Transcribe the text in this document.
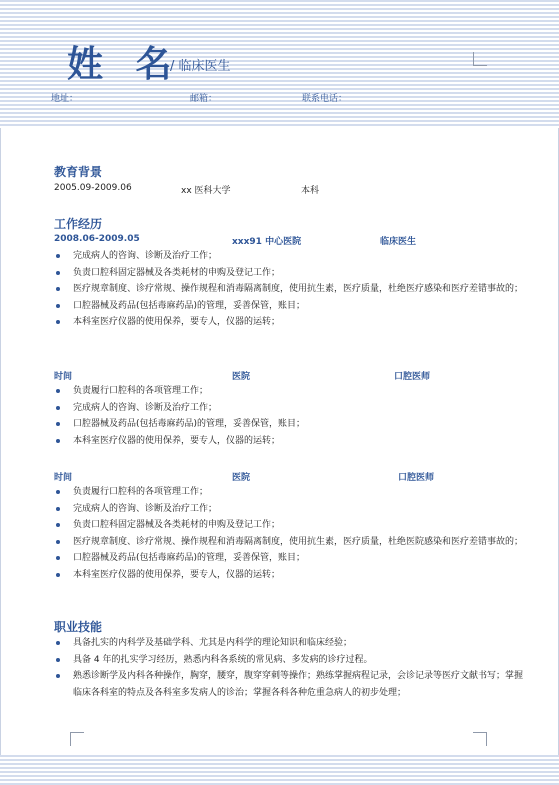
姓 名
/ 临床医生
地址：	邮箱：	联系电话：
教育背景
2005.09-2009.06	xx 医科大学	本科
工作经历
2008.06-2009.05	xxx91 中心医院	临床医生
完成病人的咨询、诊断及治疗工作；
负责口腔科固定器械及各类耗材的申购及登记工作；
医疗规章制度、诊疗常规、操作规程和消毒隔离制度，使用抗生素，医疗质量，杜绝医疗感染和医疗差错事故的；
口腔器械及药品(包括毒麻药品)的管理，妥善保管，账目；
本科室医疗仪器的使用保养，要专人，仪器的运转；
时间	医院	口腔医师
负责履行口腔科的各项管理工作；
完成病人的咨询、诊断及治疗工作；
口腔器械及药品(包括毒麻药品)的管理，妥善保管，账目；
本科室医疗仪器的使用保养，要专人，仪器的运转；
时间	医院	口腔医师
负责履行口腔科的各项管理工作；
完成病人的咨询、诊断及治疗工作；
负责口腔科固定器械及各类耗材的申购及登记工作；
医疗规章制度、诊疗常规、操作规程和消毒隔离制度，使用抗生素，医疗质量，杜绝医院感染和医疗差错事故的；
口腔器械及药品(包括毒麻药品)的管理，妥善保管，账目；
本科室医疗仪器的使用保养，要专人，仪器的运转；
职业技能
具备扎实的内科学及基础学科、尤其是内科学的理论知识和临床经验；
具备 4 年的扎实学习经历，熟悉内科各系统的常见病、多发病的诊疗过程。
熟悉诊断学及内科各种操作，胸穿，腰穿，腹穿穿刺等操作；熟练掌握病程记录，会诊记录等医疗文献书写；掌握临床各科室的特点及各科室多发病人的诊治；掌握各科各种危重急病人的初步处理；
